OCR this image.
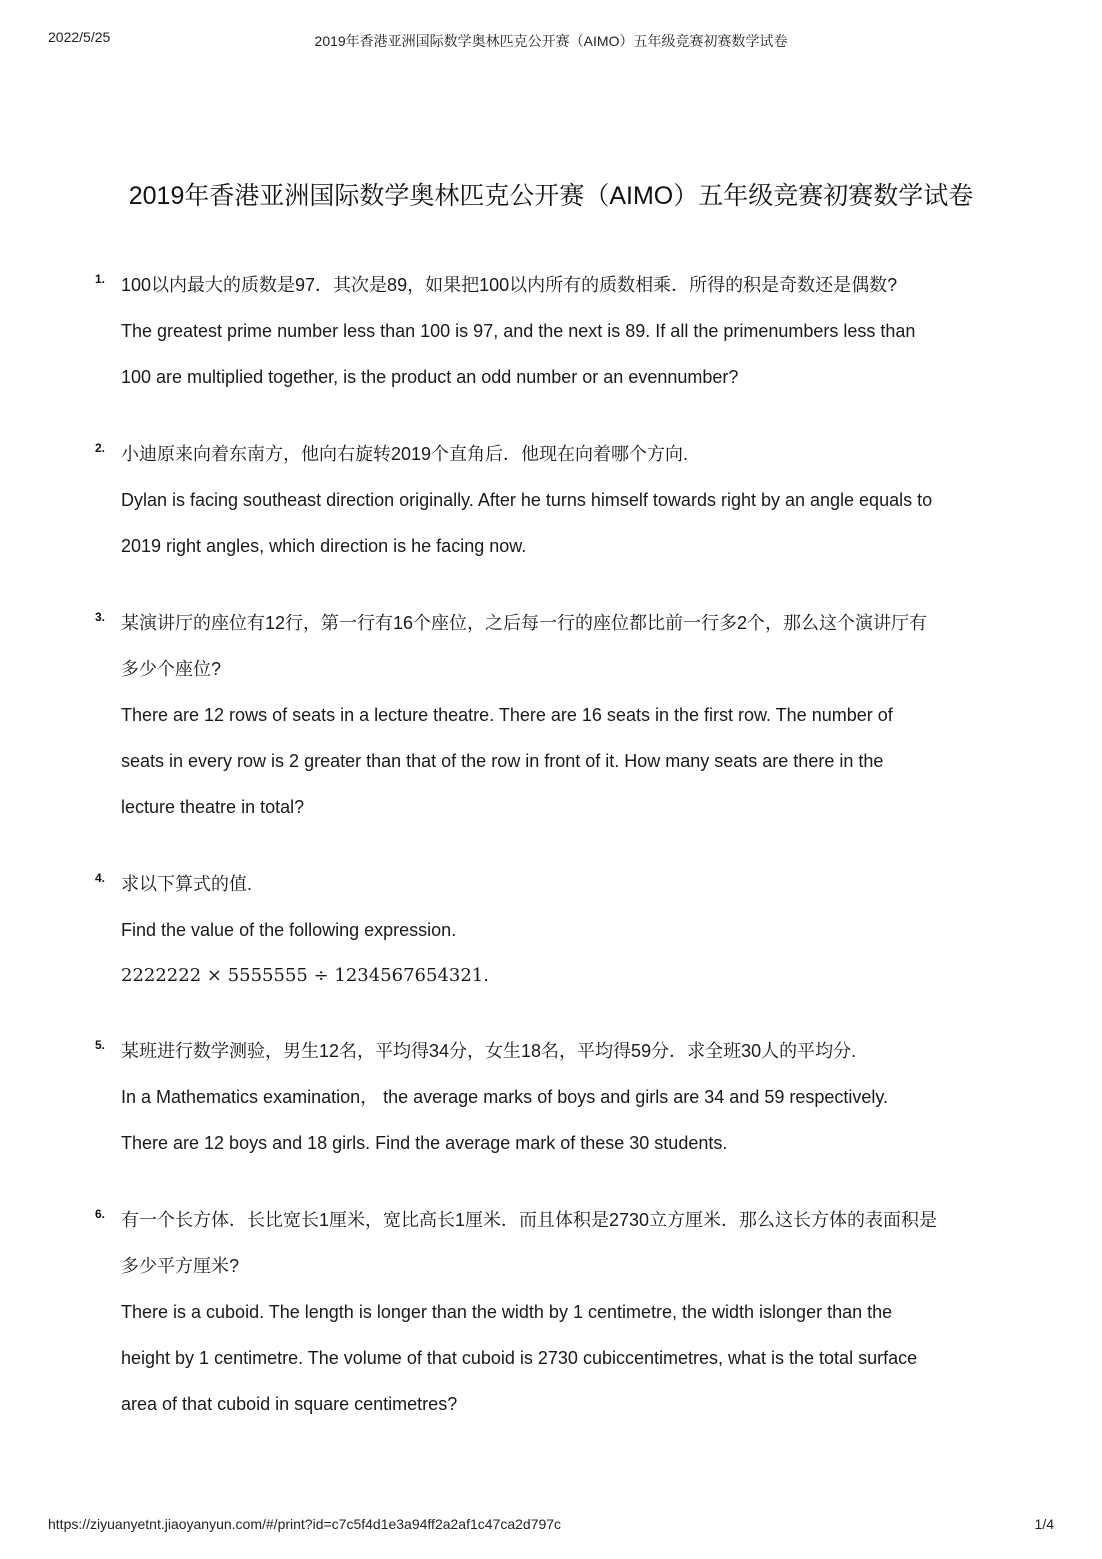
2022/5/25	2019年香港亚洲国际数学奥林匹克公开赛（AIMO）五年级竞赛初赛数学试卷
2019年香港亚洲国际数学奥林匹克公开赛（AIMO）五年级竞赛初赛数学试卷
1. 100以内最大的质数是97．其次是89，如果把100以内所有的质数相乘．所得的积是奇数还是偶数?
The greatest prime number less than 100 is 97, and the next is 89. If all the primenumbers less than
100 are multiplied together, is the product an odd number or an evennumber?
2. 小迪原来向着东南方，他向右旋转2019个直角后．他现在向着哪个方向.
Dylan is facing southeast direction originally. After he turns himself towards right by an angle equals to
2019 right angles, which direction is he facing now.
3. 某演讲厅的座位有12行，第一行有16个座位，之后每一行的座位都比前一行多2个，那么这个演讲厅有
多少个座位?
There are 12 rows of seats in a lecture theatre. There are 16 seats in the first row. The number of
seats in every row is 2 greater than that of the row in front of it. How many seats are there in the
lecture theatre in total?
4. 求以下算式的值.
Find the value of the following expression.
2222222 × 5555555 ÷ 1234567654321.
5. 某班进行数学测验，男生12名，平均得34分，女生18名，平均得59分．求全班30人的平均分.
In a Mathematics examination， the average marks of boys and girls are 34 and 59 respectively.
There are 12 boys and 18 girls. Find the average mark of these 30 students.
6. 有一个长方体．长比宽长1厘米，宽比高长1厘米．而且体积是2730立方厘米．那么这长方体的表面积是
多少平方厘米?
There is a cuboid. The length is longer than the width by 1 centimetre, the width islonger than the
height by 1 centimetre. The volume of that cuboid is 2730 cubiccentimetres, what is the total surface
area of that cuboid in square centimetres?
https://ziyuanyetnt.jiaoyanyun.com/#/print?id=c7c5f4d1e3a94ff2a2af1c47ca2d797c	1/4
